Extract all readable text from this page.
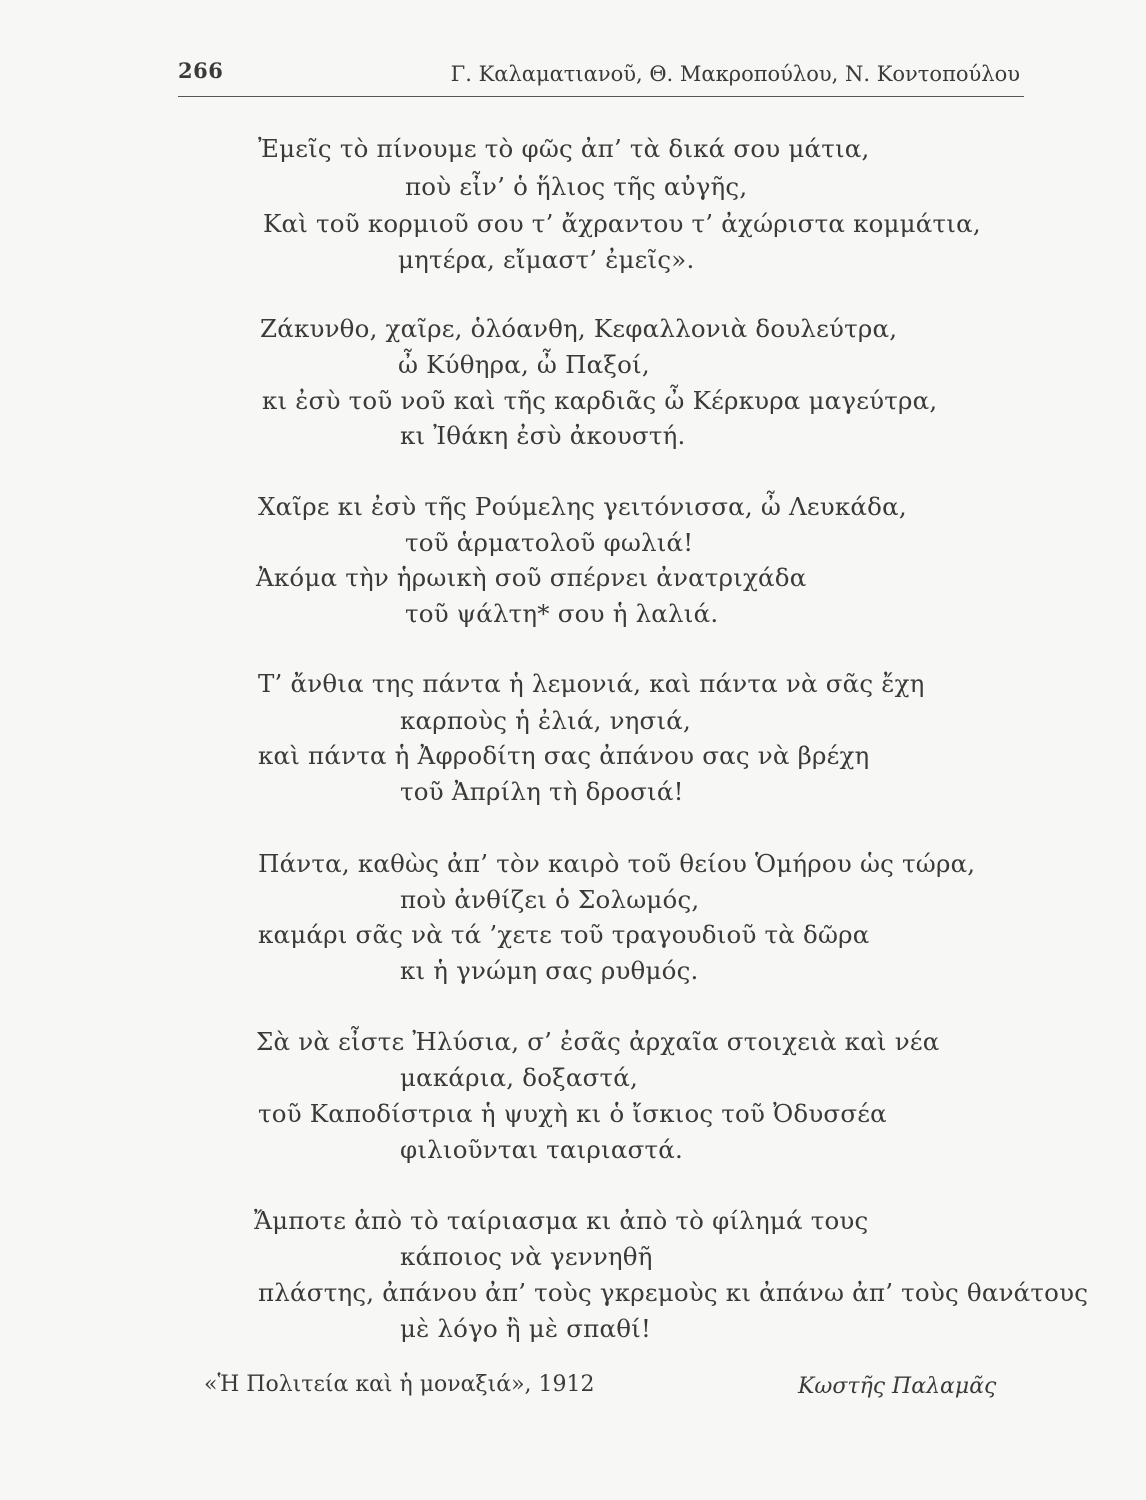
266	Γ. Καλαματιανοῦ, Θ. Μακροπούλου, Ν. Κοντοπούλου
Ἐμεῖς τὸ πίνουμε τὸ φῶς ἀπ’ τὰ δικά σου μάτια,
ποὺ εἶν’ ὁ ἥλιος τῆς αὐγῆς,
Καὶ τοῦ κορμιοῦ σου τ’ ἄχραντου τ’ ἀχώριστα κομμάτια,
μητέρα, εἴμαστ’ ἐμεῖς».
Ζάκυνθο, χαῖρε, ὁλόανθη, Κεφαλλονιὰ δουλεύτρα,
ὦ Κύθηρα, ὦ Παξοί,
κι ἐσὺ τοῦ νοῦ καὶ τῆς καρδιᾶς ὦ Κέρκυρα μαγεύτρα,
κι Ἰθάκη ἐσὺ ἀκουστή.
Χαῖρε κι ἐσὺ τῆς Ρούμελης γειτόνισσα, ὦ Λευκάδα,
τοῦ ἁρματολοῦ φωλιά!
Ἀκόμα τὴν ἡρωικὴ σοῦ σπέρνει ἀνατριχάδα
τοῦ ψάλτη* σου ἡ λαλιά.
Τ’ ἄνθια της πάντα ἡ λεμονιά, καὶ πάντα νὰ σᾶς ἔχη
καρποὺς ἡ ἐλιά, νησιά,
καὶ πάντα ἡ Ἀφροδίτη σας ἀπάνου σας νὰ βρέχη
τοῦ Ἀπρίλη τὴ δροσιά!
Πάντα, καθὼς ἀπ’ τὸν καιρὸ τοῦ θείου Ὁμήρου ὡς τώρα,
ποὺ ἀνθίζει ὁ Σολωμός,
καμάρι σᾶς νὰ τά ’χετε τοῦ τραγουδιοῦ τὰ δῶρα
κι ἡ γνώμη σας ρυθμός.
Σὰ νὰ εἶστε Ἠλύσια, σ’ ἐσᾶς ἀρχαῖα στοιχειὰ καὶ νέα
μακάρια, δοξαστά,
τοῦ Καποδίστρια ἡ ψυχὴ κι ὁ ἴσκιος τοῦ Ὀδυσσέα
φιλιοῦνται ταιριαστά.
Ἄμποτε ἀπὸ τὸ ταίριασμα κι ἀπὸ τὸ φίλημά τους
κάποιος νὰ γεννηθῆ
πλάστης, ἀπάνου ἀπ’ τοὺς γκρεμοὺς κι ἀπάνω ἀπ’ τοὺς θανάτους
μὲ λόγο ἢ μὲ σπαθί!
«Ἡ Πολιτεία καὶ ἡ μοναξιά», 1912	Κωστῆς Παλαμᾶς
